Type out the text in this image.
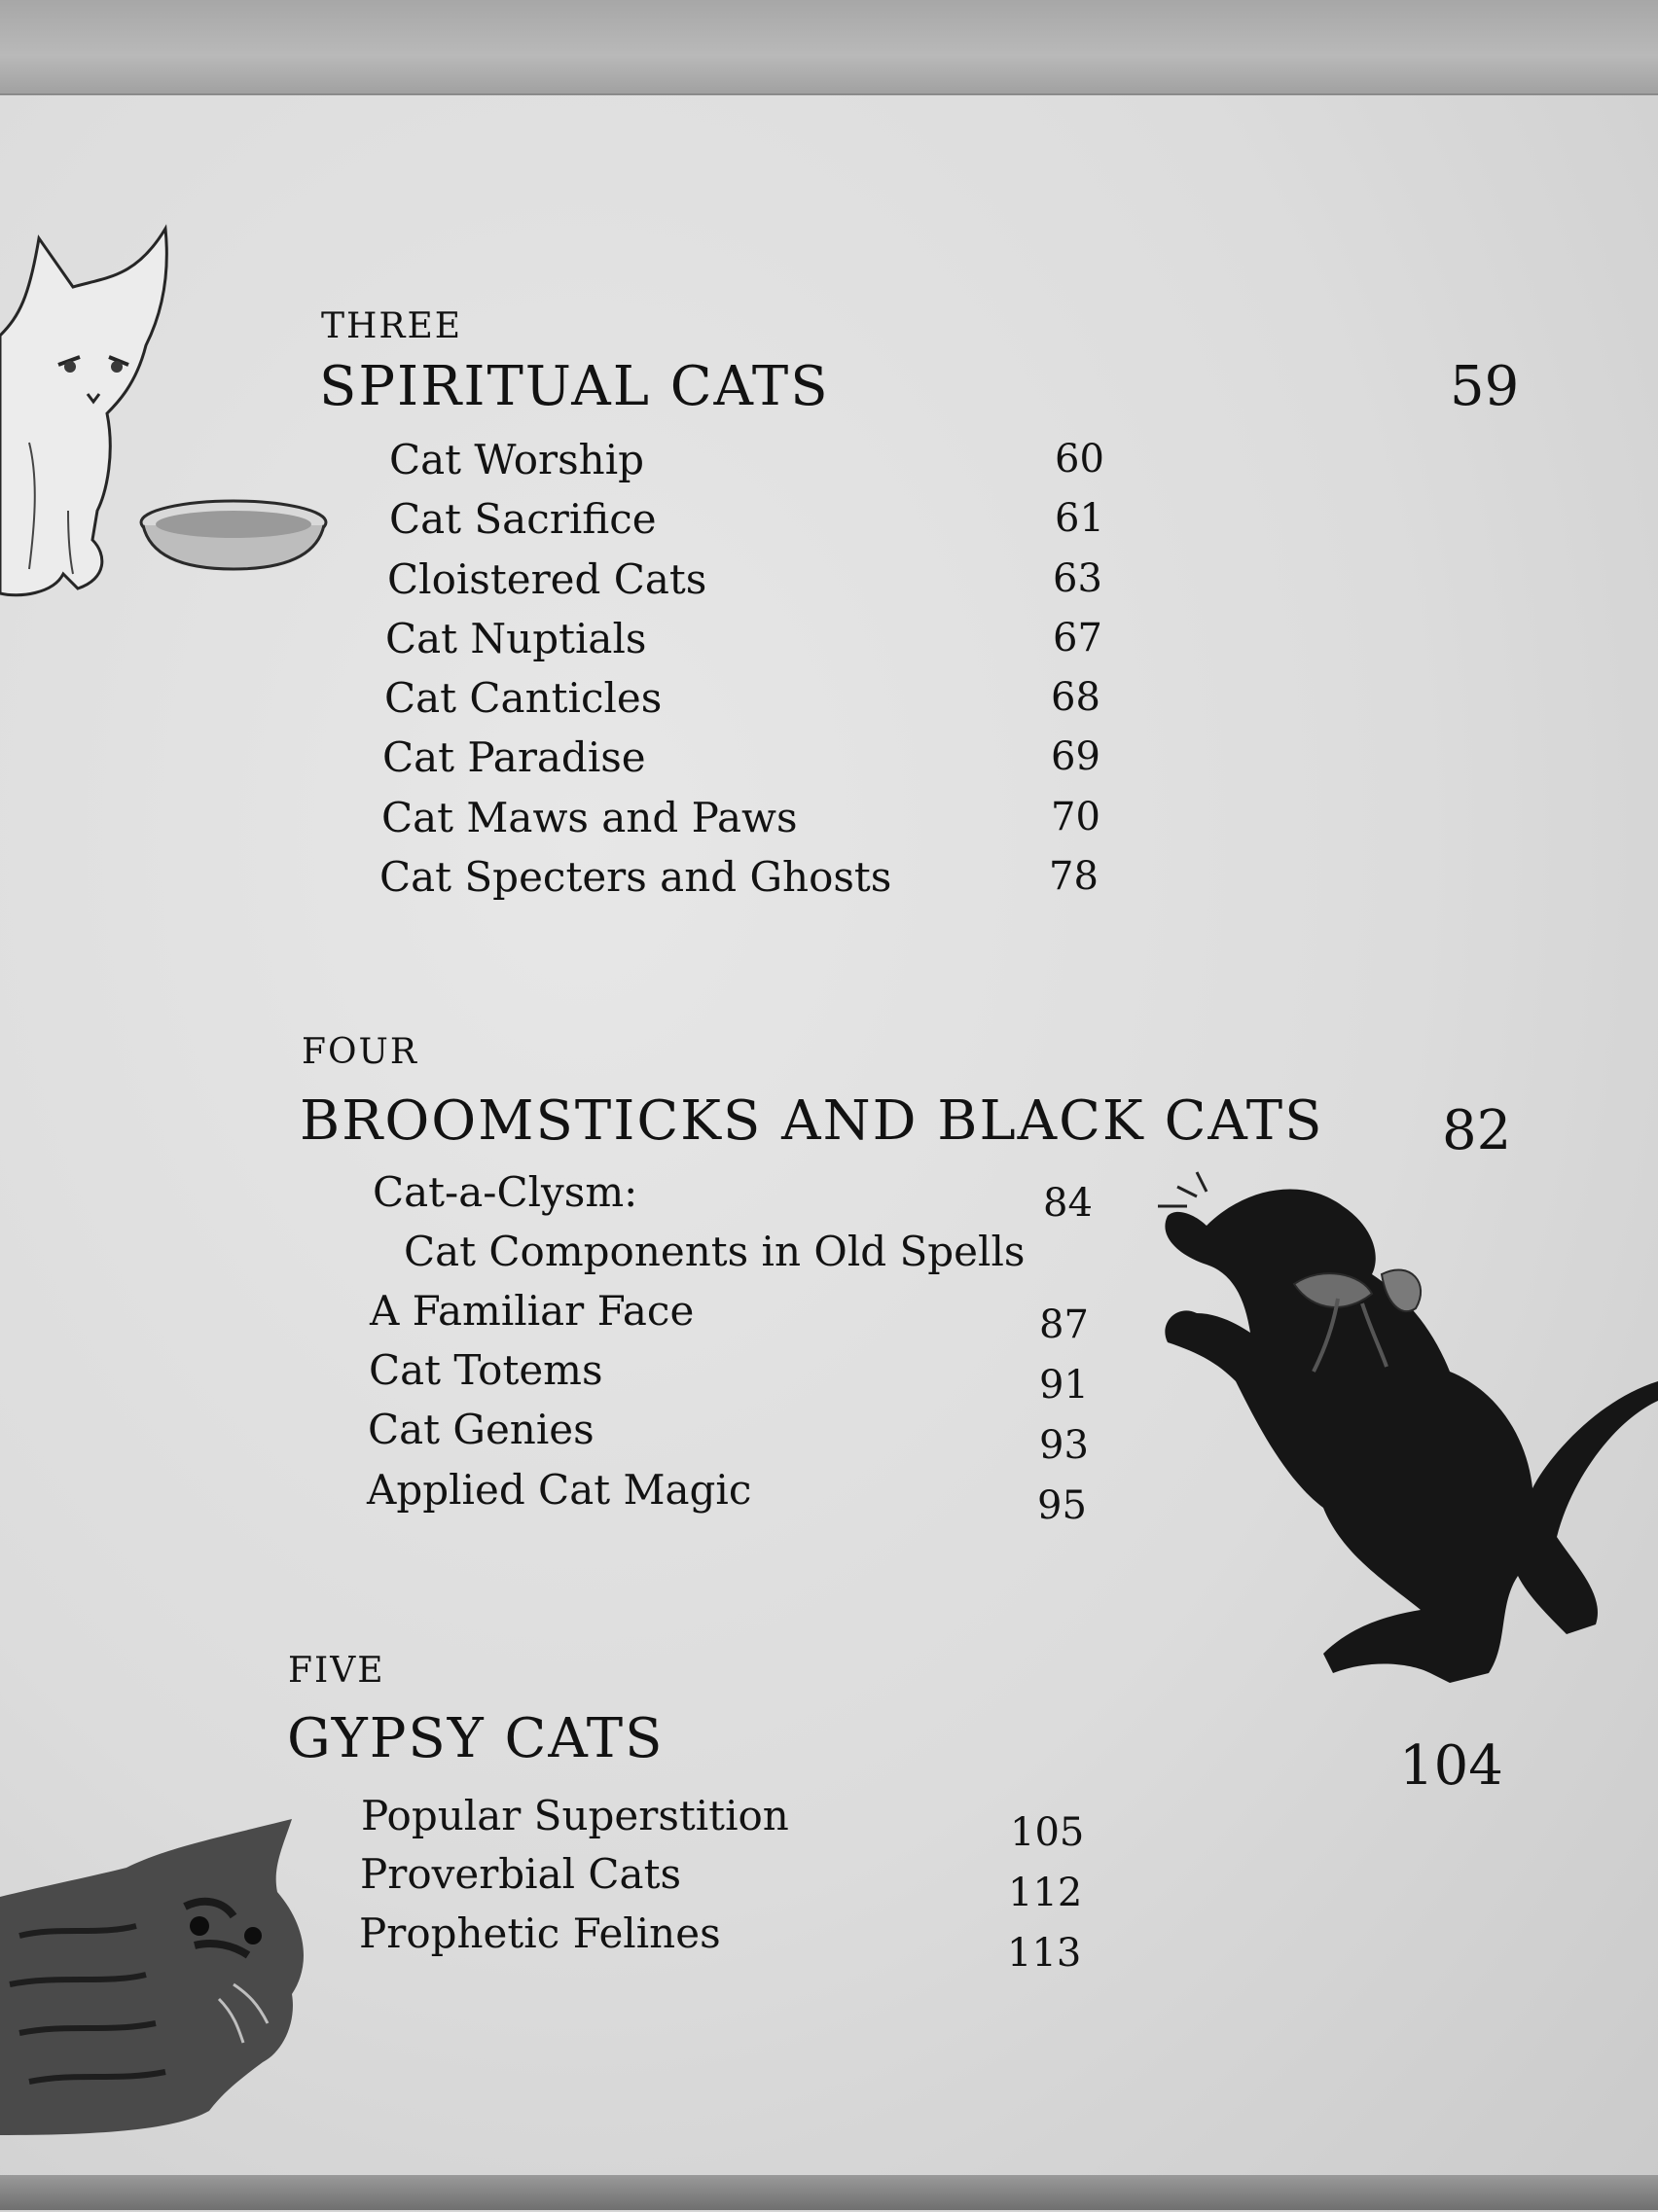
THREE
SPIRITUAL CATS	59
Cat Worship	60
Cat Sacrifice	61
Cloistered Cats	63
Cat Nuptials	67
Cat Canticles	68
Cat Paradise	69
Cat Maws and Paws	70
Cat Specters and Ghosts	78
FOUR
BROOMSTICKS AND BLACK CATS 82
Cat-a-Clysm:	84
Cat Components in Old Spells
A Familiar Face	87
Cat Totems	91
Cat Genies	93
Applied Cat Magic	95
FIVE
GYPSY CATS	104
Popular Superstition	105
Proverbial Cats	112
Prophetic Felines	113
